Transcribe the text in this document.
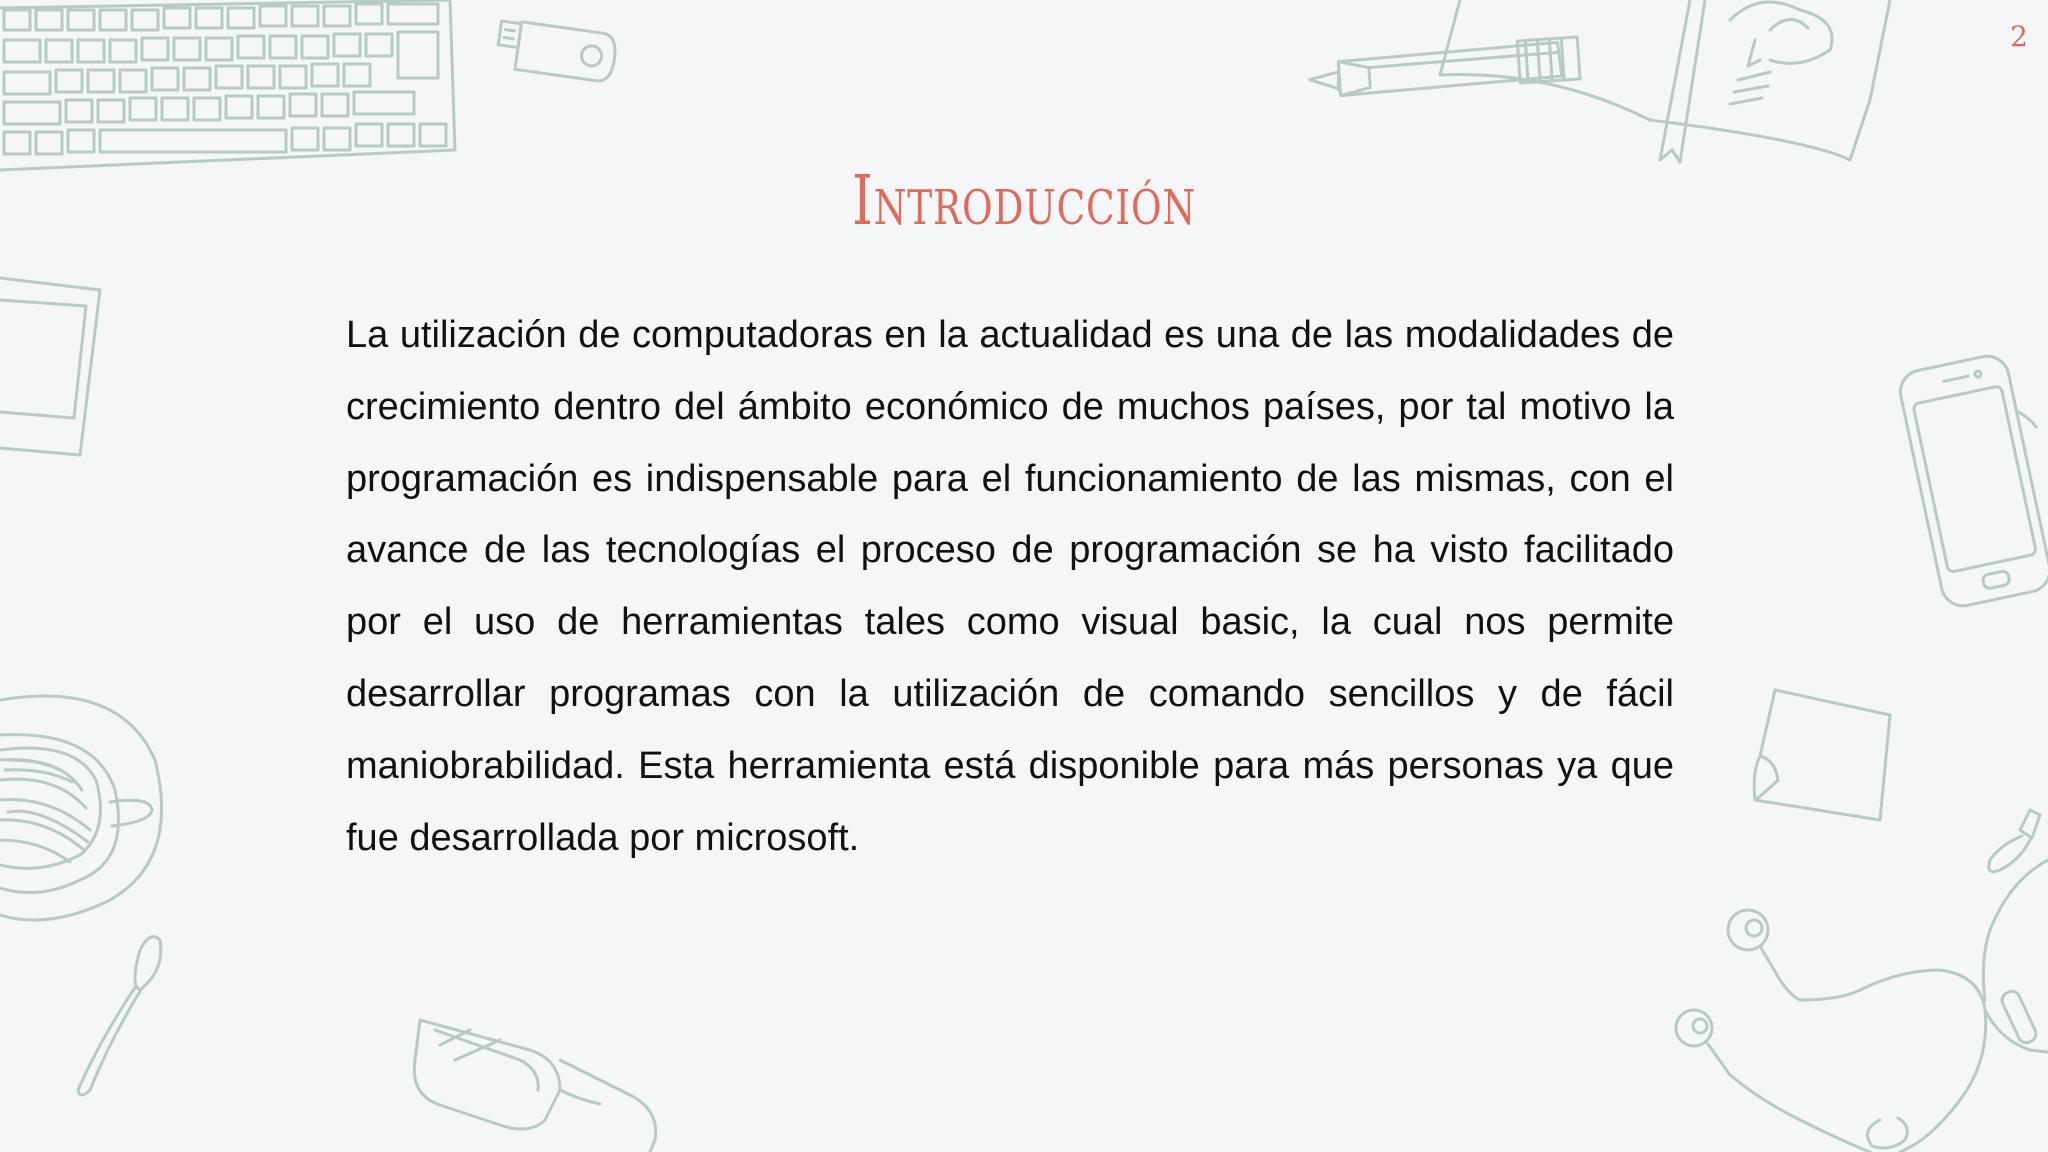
2
Introducción
La utilización de computadoras en la actualidad es una de las modalidades de crecimiento dentro del ámbito económico de muchos países, por tal motivo la programación es indispensable para el funcionamiento de las mismas, con el avance de las tecnologías el proceso de programación se ha visto facilitado por el uso de herramientas tales como visual basic, la cual nos permite desarrollar programas con la utilización de comando sencillos y de fácil maniobrabilidad. Esta herramienta está disponible para más personas ya que fue desarrollada por microsoft.
